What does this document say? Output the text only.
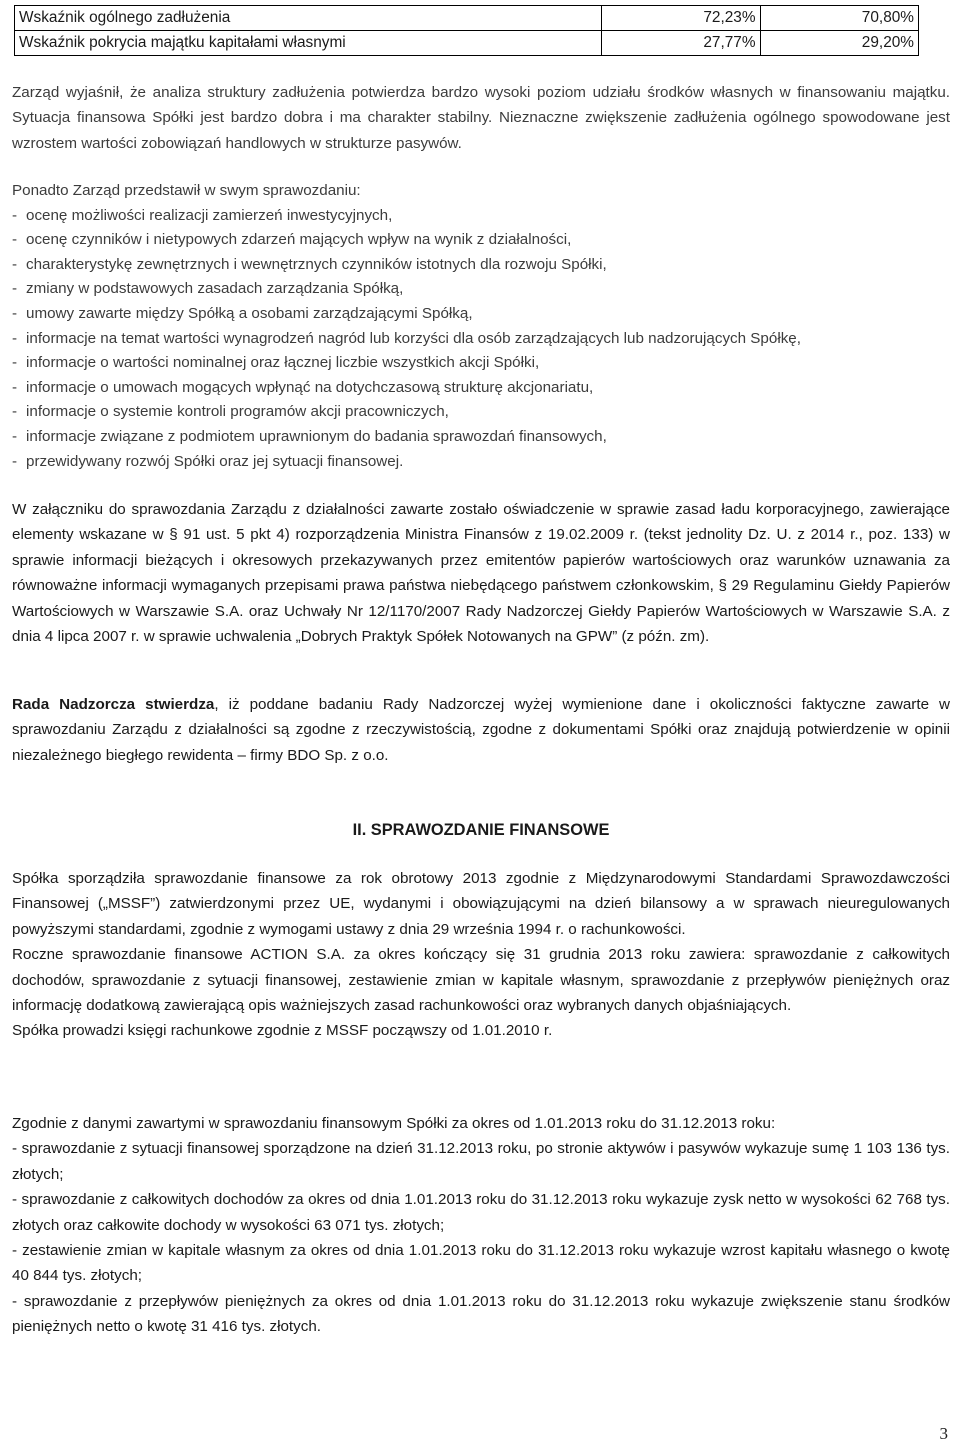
Wskaźnik ogólnego zadłużenia	72,23%	70,80%
Wskaźnik pokrycia majątku kapitałami własnymi	27,77%	29,20%

Zarząd wyjaśnił, że analiza struktury zadłużenia potwierdza bardzo wysoki poziom udziału środków własnych w finansowaniu majątku. Sytuacja finansowa Spółki jest bardzo dobra i ma charakter stabilny. Nieznaczne zwiększenie zadłużenia ogólnego spowodowane jest wzrostem wartości zobowiązań handlowych w strukturze pasywów.

Ponadto Zarząd przedstawił w swym sprawozdaniu:

- ocenę możliwości realizacji zamierzeń inwestycyjnych,
- ocenę czynników i nietypowych zdarzeń mających wpływ na wynik z działalności,
- charakterystykę zewnętrznych i wewnętrznych czynników istotnych dla rozwoju Spółki,
- zmiany w podstawowych zasadach zarządzania Spółką,
- umowy zawarte między Spółką a osobami zarządzającymi Spółką,
- informacje na temat wartości wynagrodzeń nagród lub korzyści dla osób zarządzających lub nadzorujących Spółkę,
- informacje o wartości nominalnej oraz łącznej liczbie wszystkich akcji Spółki,
- informacje o umowach mogących wpłynąć na dotychczasową strukturę akcjonariatu,
- informacje o systemie kontroli programów akcji pracowniczych,
- informacje związane z podmiotem uprawnionym do badania sprawozdań finansowych,
- przewidywany rozwój Spółki oraz jej sytuacji finansowej.

W załączniku do sprawozdania Zarządu z działalności zawarte zostało oświadczenie w sprawie zasad ładu korporacyjnego, zawierające elementy wskazane w § 91 ust. 5 pkt 4) rozporządzenia Ministra Finansów z 19.02.2009 r. (tekst jednolity Dz. U. z 2014 r., poz. 133) w sprawie informacji bieżących i okresowych przekazywanych przez emitentów papierów wartościowych oraz warunków uznawania za równoważne informacji wymaganych przepisami prawa państwa niebędącego państwem członkowskim, § 29 Regulaminu Giełdy Papierów Wartościowych w Warszawie S.A. oraz Uchwały Nr 12/1170/2007 Rady Nadzorczej Giełdy Papierów Wartościowych w Warszawie S.A. z dnia 4 lipca 2007 r. w sprawie uchwalenia „Dobrych Praktyk Spółek Notowanych na GPW” (z późn. zm).

Rada Nadzorcza stwierdza, iż poddane badaniu Rady Nadzorczej wyżej wymienione dane i okoliczności faktyczne zawarte w sprawozdaniu Zarządu z działalności są zgodne z rzeczywistością, zgodne z dokumentami Spółki oraz znajdują potwierdzenie w opinii niezależnego biegłego rewidenta – firmy BDO Sp. z o.o.

II. SPRAWOZDANIE FINANSOWE

Spółka sporządziła sprawozdanie finansowe za rok obrotowy 2013 zgodnie z Międzynarodowymi Standardami Sprawozdawczości Finansowej („MSSF”) zatwierdzonymi przez UE, wydanymi i obowiązującymi na dzień bilansowy a w sprawach nieuregulowanych powyższymi standardami, zgodnie z wymogami ustawy z dnia 29 września 1994 r. o rachunkowości.

Roczne sprawozdanie finansowe ACTION S.A. za okres kończący się 31 grudnia 2013 roku zawiera: sprawozdanie z całkowitych dochodów, sprawozdanie z sytuacji finansowej, zestawienie zmian w kapitale własnym, sprawozdanie z przepływów pieniężnych oraz informację dodatkową zawierającą opis ważniejszych zasad rachunkowości oraz wybranych danych objaśniających.

Spółka prowadzi księgi rachunkowe zgodnie z MSSF począwszy od 1.01.2010 r.

Zgodnie z danymi zawartymi w sprawozdaniu finansowym Spółki za okres od 1.01.2013 roku do 31.12.2013 roku:

- sprawozdanie z sytuacji finansowej sporządzone na dzień 31.12.2013 roku, po stronie aktywów i pasywów wykazuje sumę 1 103 136 tys. złotych;

- sprawozdanie z całkowitych dochodów za okres od dnia 1.01.2013 roku do 31.12.2013 roku wykazuje zysk netto w wysokości 62 768 tys. złotych oraz całkowite dochody w wysokości 63 071 tys. złotych;

- zestawienie zmian w kapitale własnym za okres od dnia 1.01.2013 roku do 31.12.2013 roku wykazuje wzrost kapitału własnego o kwotę 40 844 tys. złotych;

- sprawozdanie z przepływów pieniężnych za okres od dnia 1.01.2013 roku do 31.12.2013 roku wykazuje zwiększenie stanu środków pieniężnych netto o kwotę 31 416 tys. złotych.

3
